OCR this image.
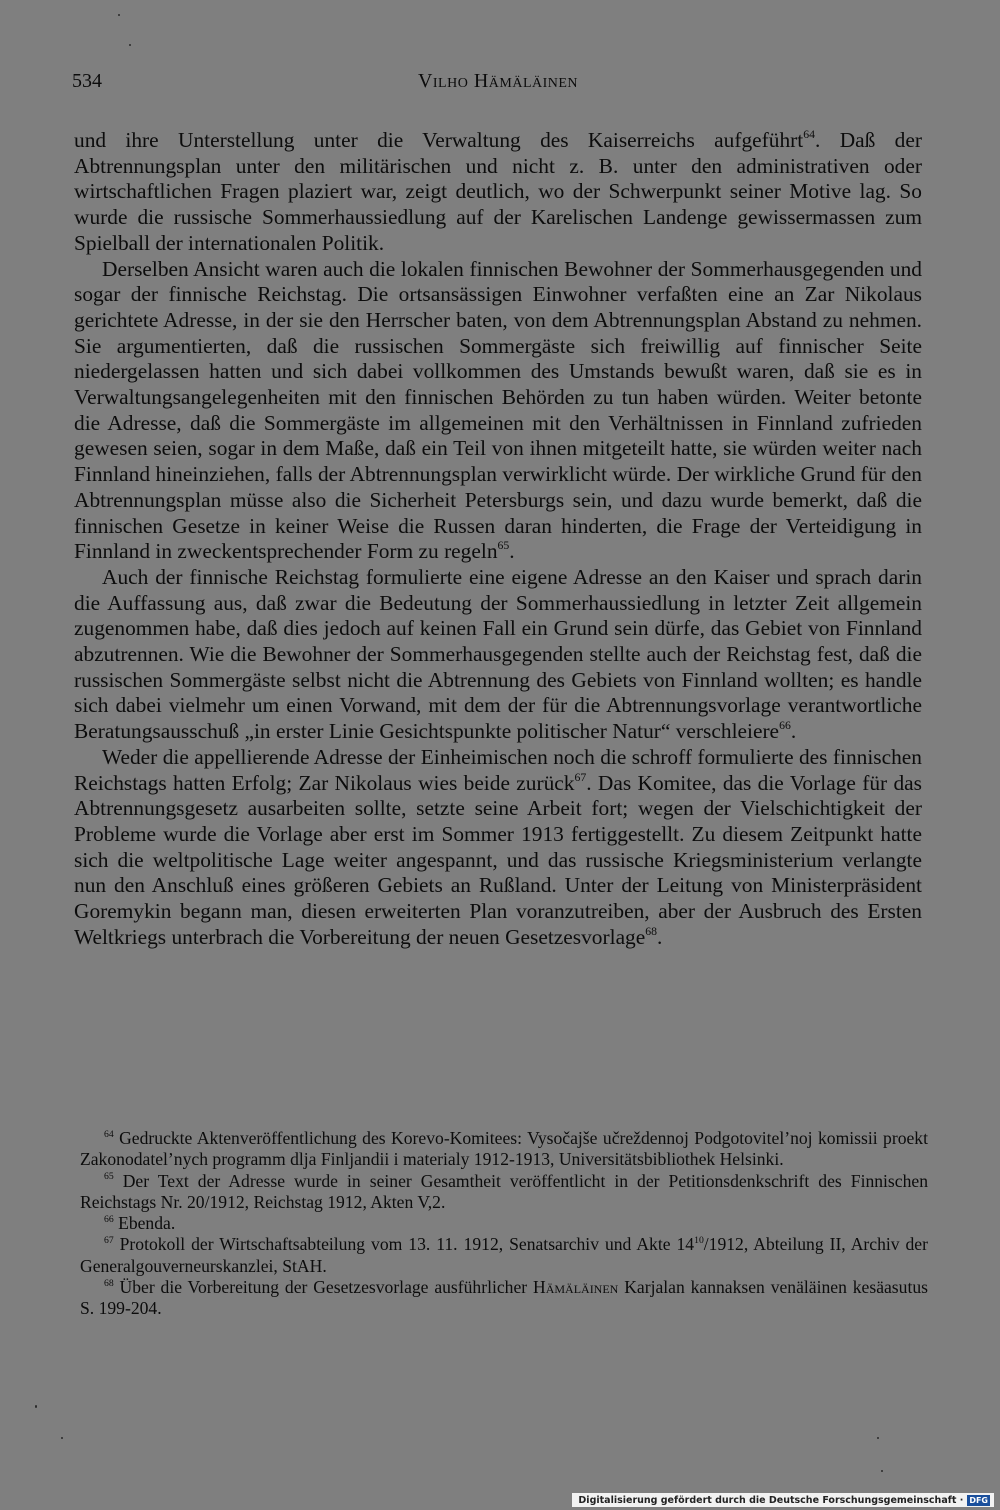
534	Vilho Hämäläinen

und ihre Unterstellung unter die Verwaltung des Kaiserreichs aufgeführt$^{64}$. Daß der Abtrennungsplan unter den militärischen und nicht z. B. unter den administrativen oder wirtschaftlichen Fragen plaziert war, zeigt deutlich, wo der Schwerpunkt seiner Motive lag. So wurde die russische Sommerhaussiedlung auf der Karelischen Landenge gewissermassen zum Spielball der internationalen Politik.

Derselben Ansicht waren auch die lokalen finnischen Bewohner der Sommerhausgegenden und sogar der finnische Reichstag. Die ortsansässigen Einwohner verfaßten eine an Zar Nikolaus gerichtete Adresse, in der sie den Herrscher baten, von dem Abtrennungsplan Abstand zu nehmen. Sie argumentierten, daß die russischen Sommergäste sich freiwillig auf finnischer Seite niedergelassen hatten und sich dabei vollkommen des Umstands bewußt waren, daß sie es in Verwaltungsangelegenheiten mit den finnischen Behörden zu tun haben würden. Weiter betonte die Adresse, daß die Sommergäste im allgemeinen mit den Verhältnissen in Finnland zufrieden gewesen seien, sogar in dem Maße, daß ein Teil von ihnen mitgeteilt hatte, sie würden weiter nach Finnland hineinziehen, falls der Abtrennungsplan verwirklicht würde. Der wirkliche Grund für den Abtrennungsplan müsse also die Sicherheit Petersburgs sein, und dazu wurde bemerkt, daß die finnischen Gesetze in keiner Weise die Russen daran hinderten, die Frage der Verteidigung in Finnland in zweckentsprechender Form zu regeln$^{65}$.

Auch der finnische Reichstag formulierte eine eigene Adresse an den Kaiser und sprach darin die Auffassung aus, daß zwar die Bedeutung der Sommerhaussiedlung in letzter Zeit allgemein zugenommen habe, daß dies jedoch auf keinen Fall ein Grund sein dürfe, das Gebiet von Finnland abzutrennen. Wie die Bewohner der Sommerhausgegenden stellte auch der Reichstag fest, daß die russischen Sommergäste selbst nicht die Abtrennung des Gebiets von Finnland wollten; es handle sich dabei vielmehr um einen Vorwand, mit dem der für die Abtrennungsvorlage verantwortliche Beratungsausschuß „in erster Linie Gesichtspunkte politischer Natur“ verschleiere$^{66}$.

Weder die appellierende Adresse der Einheimischen noch die schroff formulierte des finnischen Reichstags hatten Erfolg; Zar Nikolaus wies beide zurück$^{67}$. Das Komitee, das die Vorlage für das Abtrennungsgesetz ausarbeiten sollte, setzte seine Arbeit fort; wegen der Vielschichtigkeit der Probleme wurde die Vorlage aber erst im Sommer 1913 fertiggestellt. Zu diesem Zeitpunkt hatte sich die weltpolitische Lage weiter angespannt, und das russische Kriegsministerium verlangte nun den Anschluß eines größeren Gebiets an Rußland. Unter der Leitung von Ministerpräsident Goremykin begann man, diesen erweiterten Plan voranzutreiben, aber der Ausbruch des Ersten Weltkriegs unterbrach die Vorbereitung der neuen Gesetzesvorlage$^{68}$.

$^{64}$ Gedruckte Aktenveröffentlichung des Korevo-Komitees: Vysočajše učreždennoj Podgotovitel’noj komissii proekt Zakonodatel’nych programm dlja Finljandii i materialy 1912-1913, Universitätsbibliothek Helsinki.

$^{65}$ Der Text der Adresse wurde in seiner Gesamtheit veröffentlicht in der Petitionsdenkschrift des Finnischen Reichstags Nr. 20/1912, Reichstag 1912, Akten V,2.

$^{66}$ Ebenda.

$^{67}$ Protokoll der Wirtschaftsabteilung vom 13. 11. 1912, Senatsarchiv und Akte $14^{10}/1912$, Abteilung II, Archiv der Generalgouverneurskanzlei, StAH.

$^{68}$ Über die Vorbereitung der Gesetzesvorlage ausführlicher Hämäläinen Karjalan kannaksen venäläinen kesäasutus S. 199-204.

Digitalisierung gefördert durch die Deutsche Forschungsgemeinschaft · DFG
